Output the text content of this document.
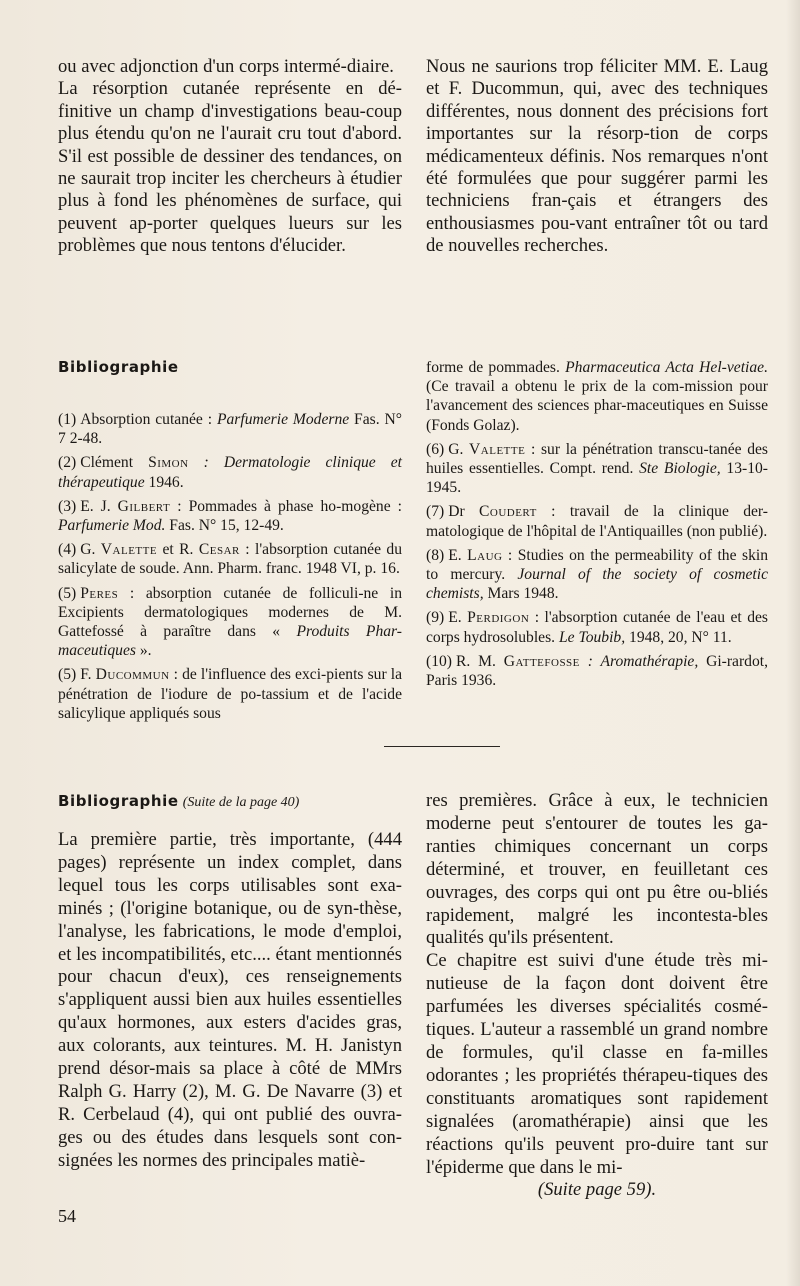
ou avec adjonction d'un corps intermé-diaire.

La résorption cutanée représente en dé-finitive un champ d'investigations beau-coup plus étendu qu'on ne l'aurait cru tout d'abord. S'il est possible de dessiner des tendances, on ne saurait trop inciter les chercheurs à étudier plus à fond les phénomènes de surface, qui peuvent ap-porter quelques lueurs sur les problèmes que nous tentons d'élucider.

Nous ne saurions trop féliciter MM. E. Laug et F. Ducommun, qui, avec des techniques différentes, nous donnent des précisions fort importantes sur la résorp-tion de corps médicamenteux définis. Nos remarques n'ont été formulées que pour suggérer parmi les techniciens fran-çais et étrangers des enthousiasmes pou-vant entraîner tôt ou tard de nouvelles recherches.

Bibliographie
(1) Absorption cutanée : Parfumerie Moderne Fas. N° 7 2-48.
(2) Clément Simon : Dermatologie clinique et thérapeutique 1946.
(3) E. J. Gilbert : Pommades à phase ho-mogène : Parfumerie Mod. Fas. N° 15, 12-49.
(4) G. Valette et R. Cesar : l'absorption cutanée du salicylate de soude. Ann. Pharm. franc. 1948 VI, p. 16.
(5) Peres : absorption cutanée de folliculi-ne in Excipients dermatologiques modernes de M. Gattefossé à paraître dans « Produits Phar-maceutiques ».
(5) F. Ducommun : de l'influence des exci-pients sur la pénétration de l'iodure de po-tassium et de l'acide salicylique appliqués sous
forme de pommades. Pharmaceutica Acta Hel-vetiae. (Ce travail a obtenu le prix de la com-mission pour l'avancement des sciences phar-maceutiques en Suisse (Fonds Golaz).
(6) G. Valette : sur la pénétration transcu-tanée des huiles essentielles. Compt. rend. Ste Biologie, 13-10-1945.
(7) Dr Coudert : travail de la clinique der-matologique de l'hôpital de l'Antiquailles (non publié).
(8) E. Laug : Studies on the permeability of the skin to mercury. Journal of the society of cosmetic chemists, Mars 1948.
(9) E. Perdigon : l'absorption cutanée de l'eau et des corps hydrosolubles. Le Toubib, 1948, 20, N° 11.
(10) R. M. Gattefosse : Aromathérapie, Gi-rardot, Paris 1936.
Bibliographie (Suite de la page 40)

La première partie, très importante, (444 pages) représente un index complet, dans lequel tous les corps utilisables sont exa-minés ; (l'origine botanique, ou de syn-thèse, l'analyse, les fabrications, le mode d'emploi, et les incompatibilités, etc.... étant mentionnés pour chacun d'eux), ces renseignements s'appliquent aussi bien aux huiles essentielles qu'aux hormones, aux esters d'acides gras, aux colorants, aux teintures. M. H. Janistyn prend désor-mais sa place à côté de MMrs Ralph G. Harry (2), M. G. De Navarre (3) et R. Cerbelaud (4), qui ont publié des ouvra-ges ou des études dans lesquels sont con-signées les normes des principales matiè-

res premières. Grâce à eux, le technicien moderne peut s'entourer de toutes les ga-ranties chimiques concernant un corps déterminé, et trouver, en feuilletant ces ouvrages, des corps qui ont pu être ou-bliés rapidement, malgré les incontesta-bles qualités qu'ils présentent.

Ce chapitre est suivi d'une étude très mi-nutieuse de la façon dont doivent être parfumées les diverses spécialités cosmé-tiques. L'auteur a rassemblé un grand nombre de formules, qu'il classe en fa-milles odorantes ; les propriétés thérapeu-tiques des constituants aromatiques sont rapidement signalées (aromathérapie) ainsi que les réactions qu'ils peuvent pro-duire tant sur l'épiderme que dans le mi-

(Suite page 59).

54
